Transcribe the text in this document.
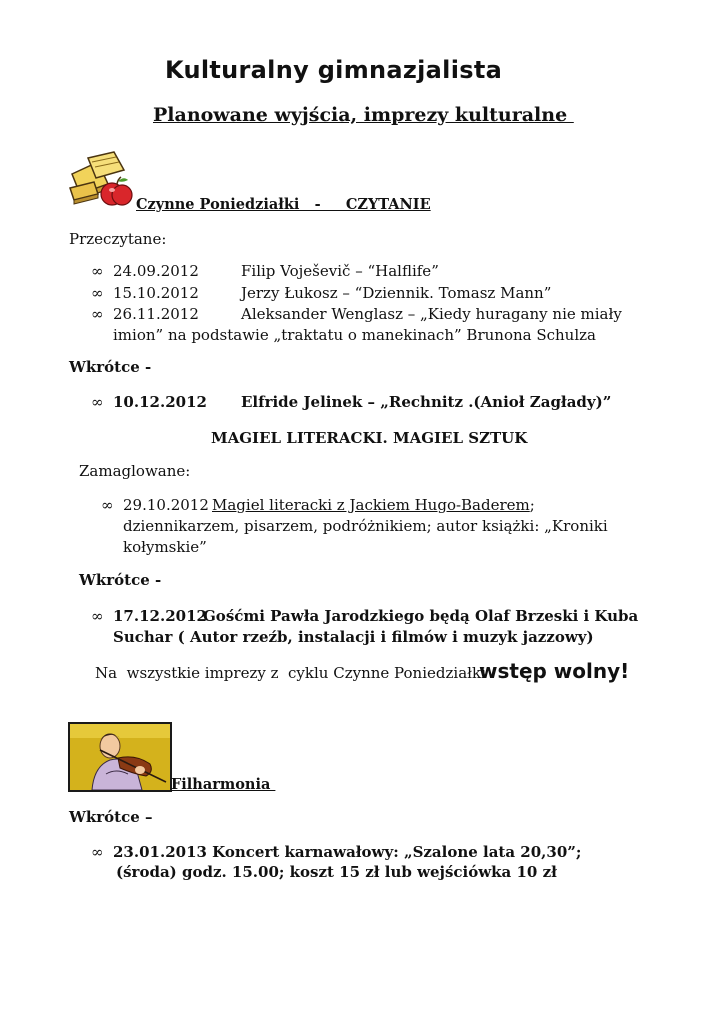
Kulturalny gimnazjalista
Planowane wyjścia, imprezy kulturalne
Czynne Poniedziałki   -     CZYTANIE
Przeczytane:
∞ 24.09.2012	Filip Voješevič – “Halflife”
∞ 15.10.2012	Jerzy Łukosz – “Dziennik. Tomasz Mann”
∞ 26.11.2012	Aleksander Wenglasz – „Kiedy huragany nie miały
imion” na podstawie „traktatu o manekinach” Brunona Schulza
Wkrótce -
∞ 10.12.2012 Elfride Jelinek – „Rechnitz .(Anioł Zagłady)”
MAGIEL LITERACKI. MAGIEL SZTUK
Zamaglowane:
∞ 29.10.2012 Magiel literacki z Jackiem Hugo-Baderem;
dziennikarzem, pisarzem, podróżnikiem; autor książki: „Kroniki
kołymskie”
Wkrótce -
∞ 17.12.2012
Gośćmi Pawła Jarodzkiego będą Olaf Brzeski i Kuba
Suchar ( Autor rzeźb, instalacji i filmów i muzyk jazzowy)
Na  wszystkie imprezy z  cyklu Czynne Poniedziałki
wstęp wolny!
Filharmonia
Wkrótce –
∞ 23.01.2013 Koncert karnawałowy: „Szalone lata 20,30”;
(środa) godz. 15.00; koszt 15 zł lub wejściówka 10 zł
